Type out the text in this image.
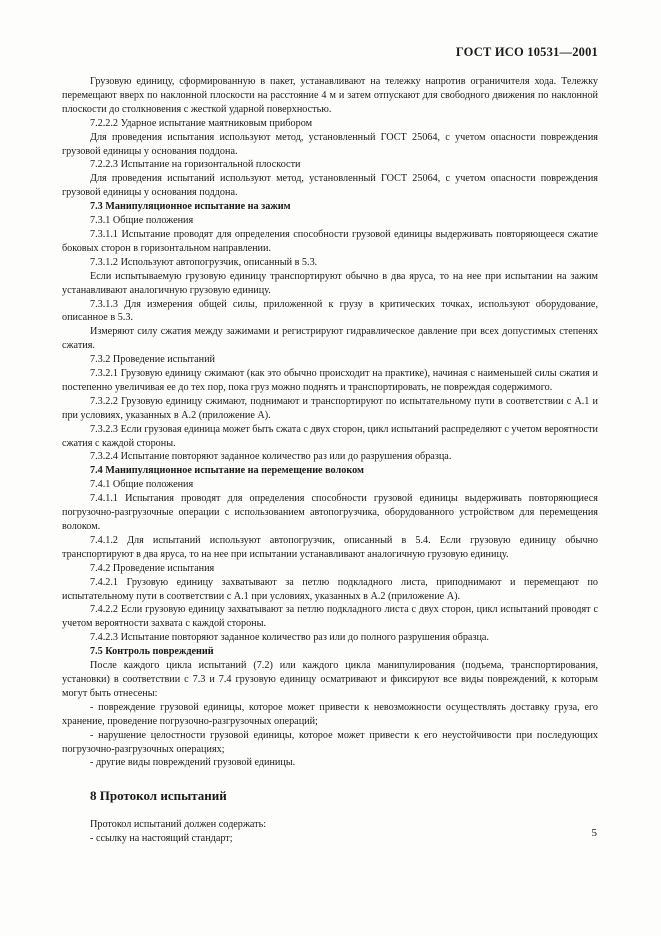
ГОСТ ИСО 10531—2001

Грузовую единицу, сформированную в пакет, устанавливают на тележку напротив ограничителя хода. Тележку перемещают вверх по наклонной плоскости на расстояние 4 м и затем отпускают для свободного движения по наклонной плоскости до столкновения с жесткой ударной поверхностью.

7.2.2.2 Ударное испытание маятниковым прибором

Для проведения испытания используют метод, установленный ГОСТ 25064, с учетом опасности повреждения грузовой единицы у основания поддона.

7.2.2.3 Испытание на горизонтальной плоскости

Для проведения испытаний используют метод, установленный ГОСТ 25064, с учетом опасности повреждения грузовой единицы у основания поддона.

7.3 Манипуляционное испытание на зажим

7.3.1 Общие положения

7.3.1.1 Испытание проводят для определения способности грузовой единицы выдерживать повторяющееся сжатие боковых сторон в горизонтальном направлении.

7.3.1.2 Используют автопогрузчик, описанный в 5.3.

Если испытываемую грузовую единицу транспортируют обычно в два яруса, то на нее при испытании на зажим устанавливают аналогичную грузовую единицу.

7.3.1.3 Для измерения общей силы, приложенной к грузу в критических точках, используют оборудование, описанное в 5.3.

Измеряют силу сжатия между зажимами и регистрируют гидравлическое давление при всех допустимых степенях сжатия.

7.3.2 Проведение испытаний

7.3.2.1 Грузовую единицу сжимают (как это обычно происходит на практике), начиная с наименьшей силы сжатия и постепенно увеличивая ее до тех пор, пока груз можно поднять и транспортировать, не повреждая содержимого.

7.3.2.2 Грузовую единицу сжимают, поднимают и транспортируют по испытательному пути в соответствии с А.1 и при условиях, указанных в А.2 (приложение А).

7.3.2.3 Если грузовая единица может быть сжата с двух сторон, цикл испытаний распределяют с учетом вероятности сжатия с каждой стороны.

7.3.2.4 Испытание повторяют заданное количество раз или до разрушения образца.

7.4 Манипуляционное испытание на перемещение волоком

7.4.1 Общие положения

7.4.1.1 Испытания проводят для определения способности грузовой единицы выдерживать повторяющиеся погрузочно-разгрузочные операции с использованием автопогрузчика, оборудованного устройством для перемещения волоком.

7.4.1.2 Для испытаний используют автопогрузчик, описанный в 5.4. Если грузовую единицу обычно транспортируют в два яруса, то на нее при испытании устанавливают аналогичную грузовую единицу.

7.4.2 Проведение испытания

7.4.2.1 Грузовую единицу захватывают за петлю подкладного листа, приподнимают и перемещают по испытательному пути в соответствии с А.1 при условиях, указанных в А.2 (приложение А).

7.4.2.2 Если грузовую единицу захватывают за петлю подкладного листа с двух сторон, цикл испытаний проводят с учетом вероятности захвата с каждой стороны.

7.4.2.3 Испытание повторяют заданное количество раз или до полного разрушения образца.

7.5 Контроль повреждений

После каждого цикла испытаний (7.2) или каждого цикла манипулирования (подъема, транспортирования, установки) в соответствии с 7.3 и 7.4 грузовую единицу осматривают и фиксируют все виды повреждений, к которым могут быть отнесены:

- повреждение грузовой единицы, которое может привести к невозможности осуществлять доставку груза, его хранение, проведение погрузочно-разгрузочных операций;

- нарушение целостности грузовой единицы, которое может привести к его неустойчивости при последующих погрузочно-разгрузочных операциях;

- другие виды повреждений грузовой единицы.

8 Протокол испытаний

Протокол испытаний должен содержать:

- ссылку на настоящий стандарт;	5
